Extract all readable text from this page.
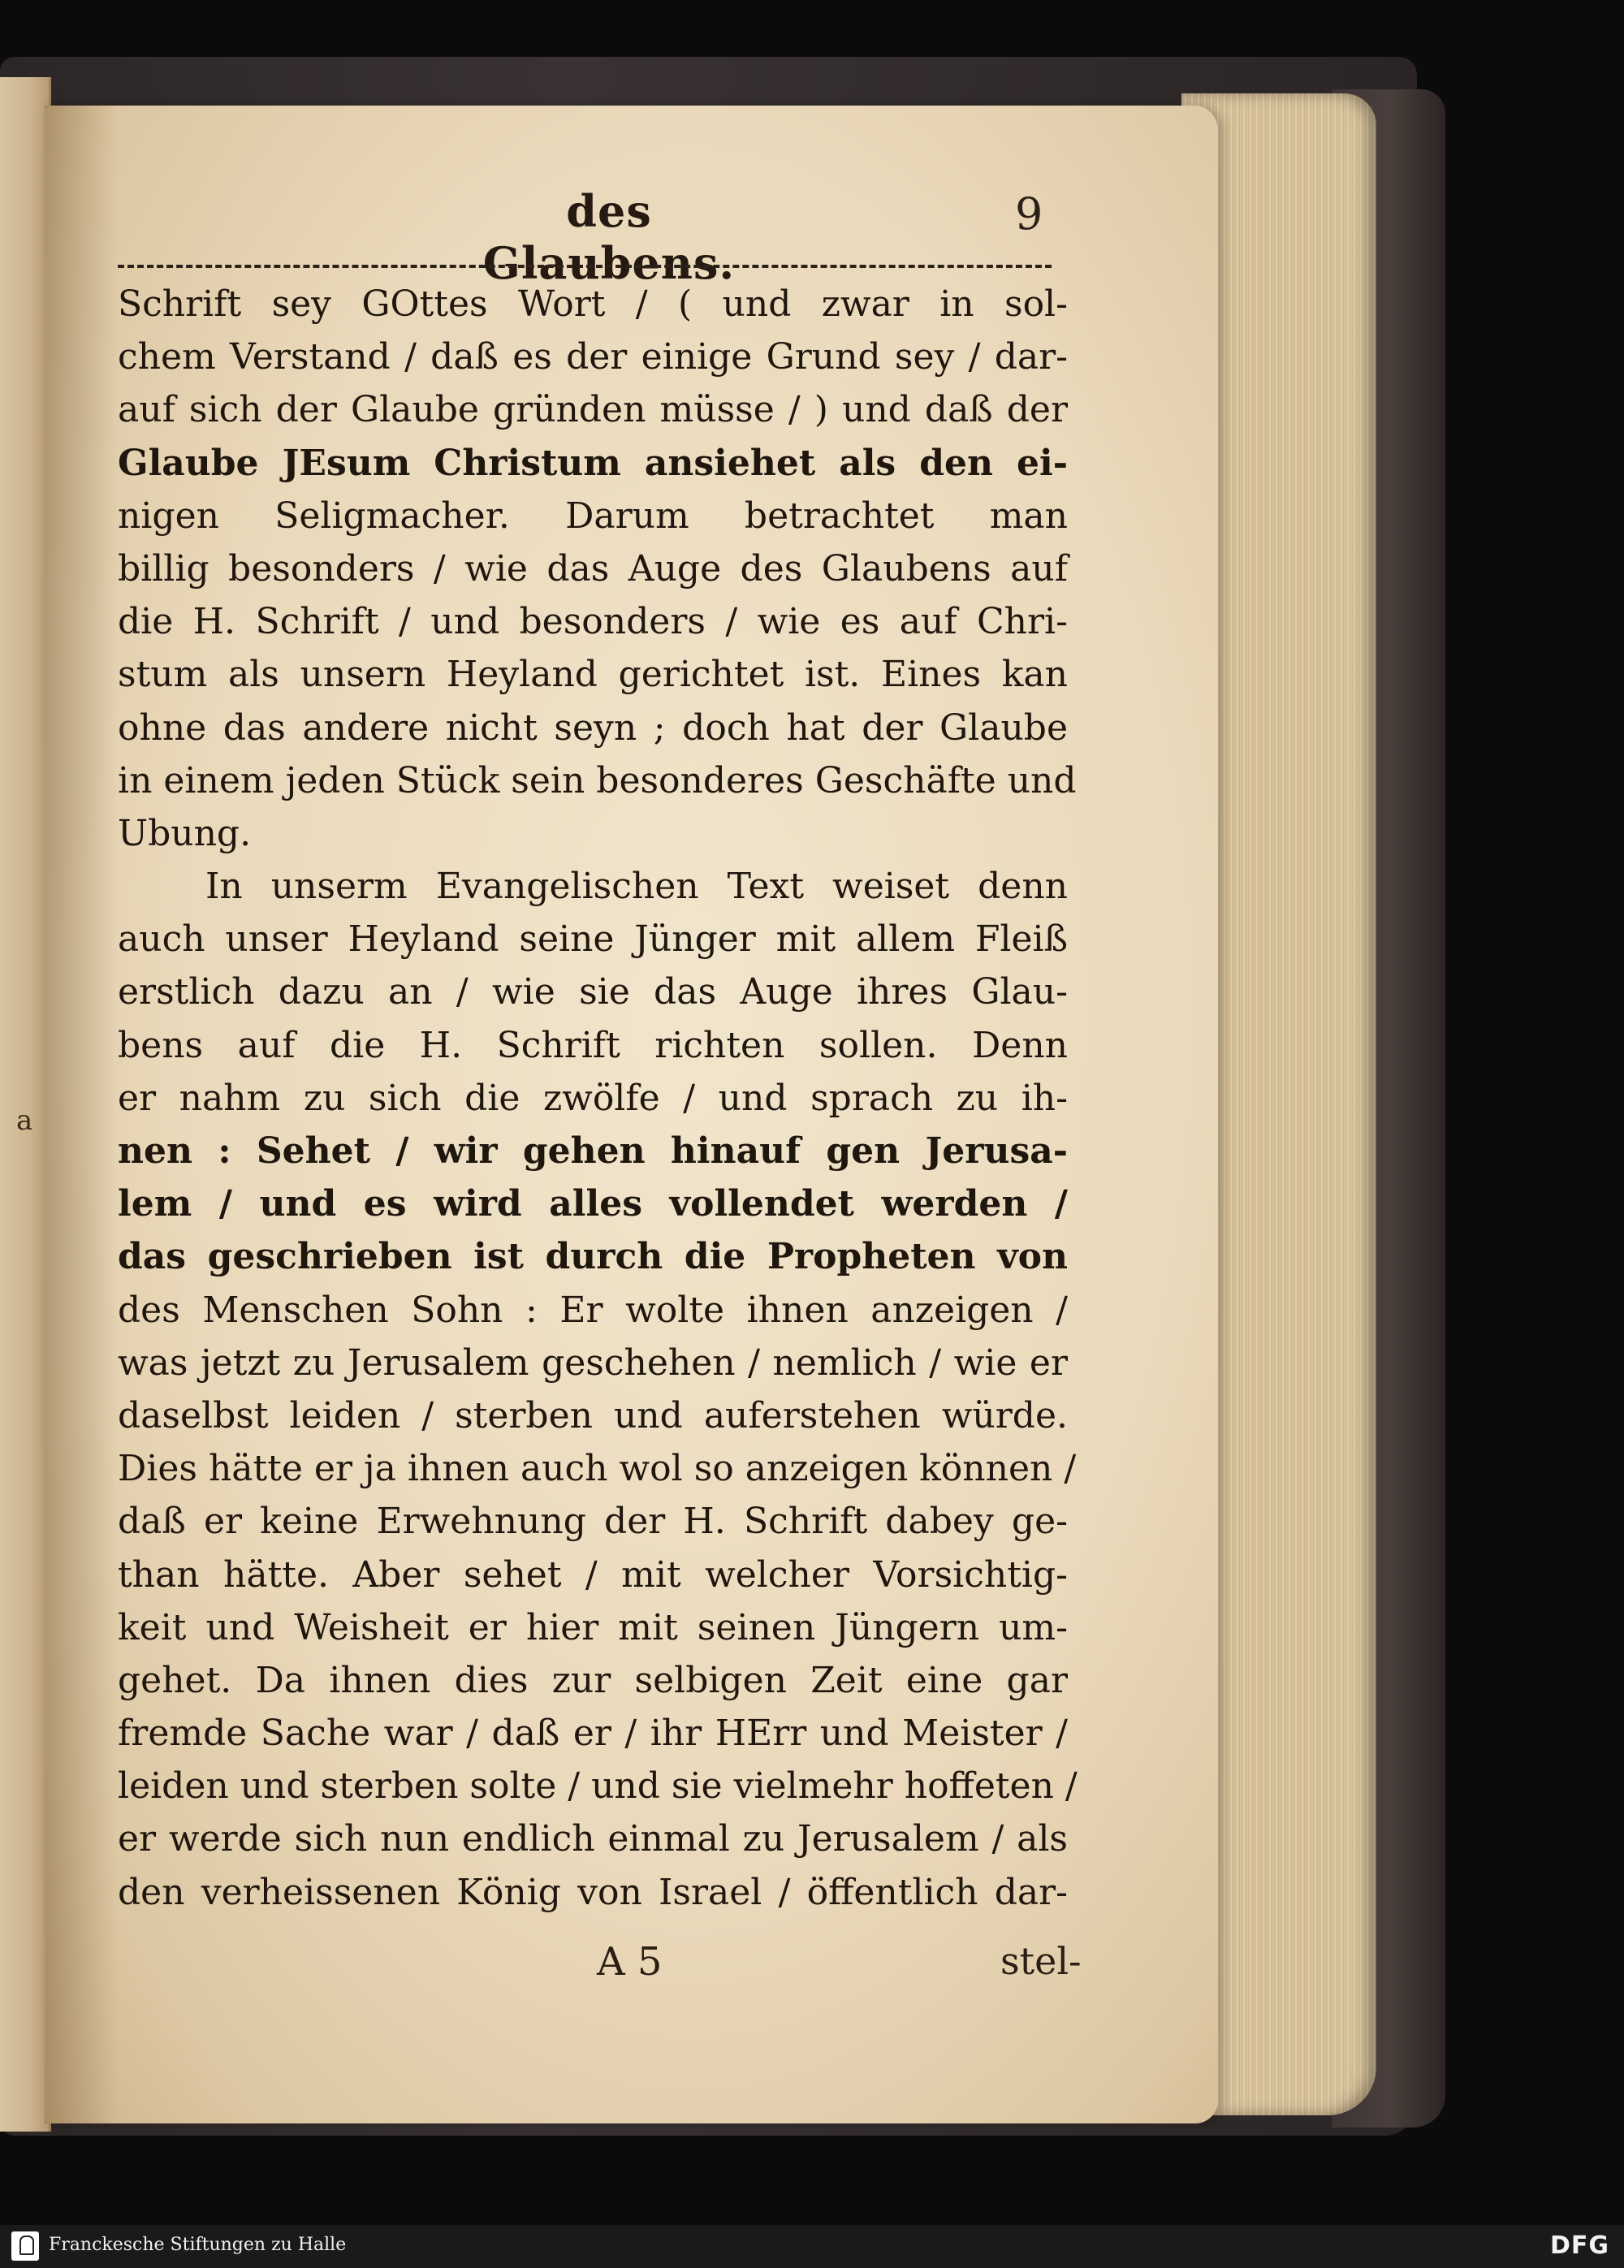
des Glaubens.
9
Schrift sey GOttes Wort / ( und zwar in sol-
chem Verstand / daß es der einige Grund sey / dar-
auf sich der Glaube gründen müsse / ) und daß der
Glaube JEsum Christum ansiehet als den ei-
nigen Seligmacher. Darum betrachtet man
billig besonders / wie das Auge des Glaubens auf
die H. Schrift / und besonders / wie es auf Chri-
stum als unsern Heyland gerichtet ist. Eines kan
ohne das andere nicht seyn ; doch hat der Glaube
in einem jeden Stück sein besonderes Geschäfte und
Ubung.
In unserm Evangelischen Text weiset denn
auch unser Heyland seine Jünger mit allem Fleiß
erstlich dazu an / wie sie das Auge ihres Glau-
bens auf die H. Schrift richten sollen. Denn
er nahm zu sich die zwölfe / und sprach zu ih-
nen : Sehet / wir gehen hinauf gen Jerusa-
lem / und es wird alles vollendet werden /
das geschrieben ist durch die Propheten von
des Menschen Sohn : Er wolte ihnen anzeigen /
was jetzt zu Jerusalem geschehen / nemlich / wie er
daselbst leiden / sterben und auferstehen würde.
Dies hätte er ja ihnen auch wol so anzeigen können /
daß er keine Erwehnung der H. Schrift dabey ge-
than hätte. Aber sehet / mit welcher Vorsichtig-
keit und Weisheit er hier mit seinen Jüngern um-
gehet. Da ihnen dies zur selbigen Zeit eine gar
fremde Sache war / daß er / ihr HErr und Meister /
leiden und sterben solte / und sie vielmehr hoffeten /
er werde sich nun endlich einmal zu Jerusalem / als
den verheissenen König von Israel / öffentlich dar-
a
A 5	stel-
Franckesche Stiftungen zu Halle	DFG
